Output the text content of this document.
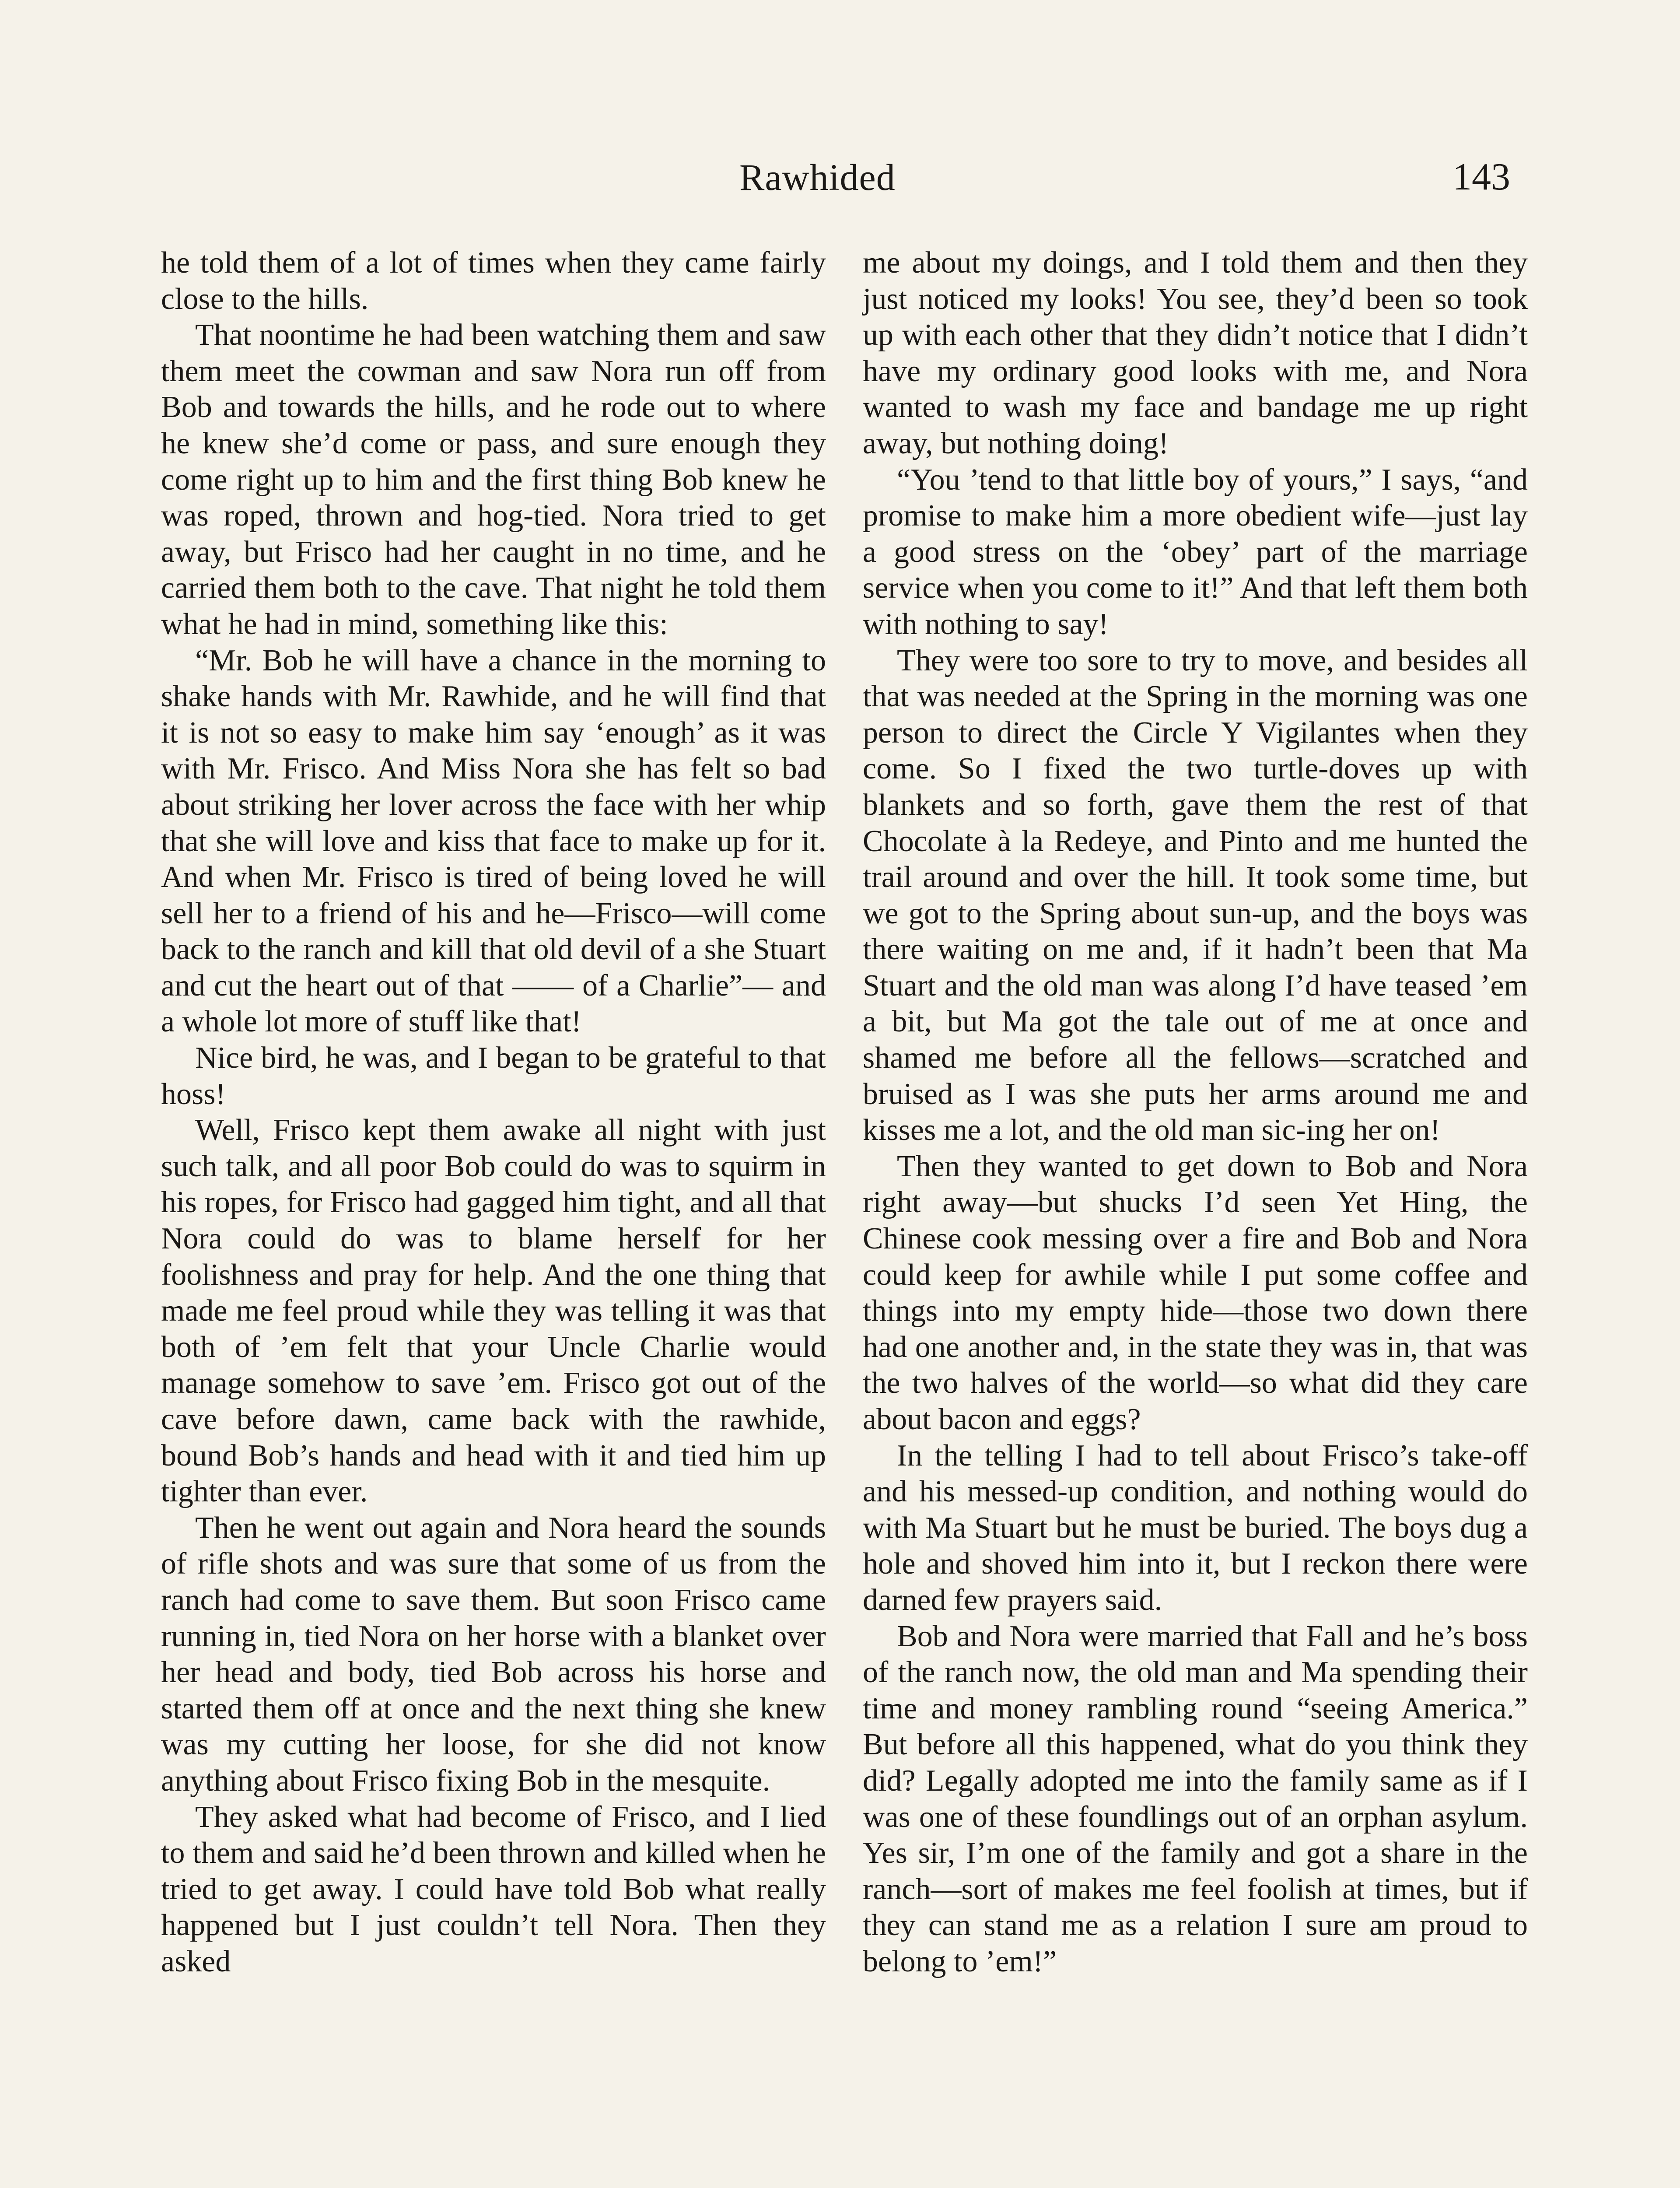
Rawhided	143

he told them of a lot of times when they came fairly close to the hills.

That noontime he had been watching them and saw them meet the cowman and saw Nora run off from Bob and towards the hills, and he rode out to where he knew she’d come or pass, and sure enough they come right up to him and the first thing Bob knew he was roped, thrown and hog-tied. Nora tried to get away, but Frisco had her caught in no time, and he carried them both to the cave. That night he told them what he had in mind, something like this:

“Mr. Bob he will have a chance in the morning to shake hands with Mr. Rawhide, and he will find that it is not so easy to make him say ‘enough’ as it was with Mr. Frisco. And Miss Nora she has felt so bad about striking her lover across the face with her whip that she will love and kiss that face to make up for it. And when Mr. Frisco is tired of being loved he will sell her to a friend of his and he—Frisco—will come back to the ranch and kill that old devil of a she Stuart and cut the heart out of that —— of a Charlie”— and a whole lot more of stuff like that!

Nice bird, he was, and I began to be grateful to that hoss!

Well, Frisco kept them awake all night with just such talk, and all poor Bob could do was to squirm in his ropes, for Frisco had gagged him tight, and all that Nora could do was to blame herself for her foolishness and pray for help. And the one thing that made me feel proud while they was telling it was that both of ’em felt that your Uncle Charlie would manage somehow to save ’em. Frisco got out of the cave before dawn, came back with the rawhide, bound Bob’s hands and head with it and tied him up tighter than ever.

Then he went out again and Nora heard the sounds of rifle shots and was sure that some of us from the ranch had come to save them. But soon Frisco came running in, tied Nora on her horse with a blanket over her head and body, tied Bob across his horse and started them off at once and the next thing she knew was my cutting her loose, for she did not know anything about Frisco fixing Bob in the mesquite.

They asked what had become of Frisco, and I lied to them and said he’d been thrown and killed when he tried to get away. I could have told Bob what really happened but I just couldn’t tell Nora. Then they asked

me about my doings, and I told them and then they just noticed my looks! You see, they’d been so took up with each other that they didn’t notice that I didn’t have my ordinary good looks with me, and Nora wanted to wash my face and bandage me up right away, but nothing doing!

“You ’tend to that little boy of yours,” I says, “and promise to make him a more obedient wife—just lay a good stress on the ‘obey’ part of the marriage service when you come to it!” And that left them both with nothing to say!

They were too sore to try to move, and besides all that was needed at the Spring in the morning was one person to direct the Circle Y Vigilantes when they come. So I fixed the two turtle-doves up with blankets and so forth, gave them the rest of that Chocolate à la Redeye, and Pinto and me hunted the trail around and over the hill. It took some time, but we got to the Spring about sun-up, and the boys was there waiting on me and, if it hadn’t been that Ma Stuart and the old man was along I’d have teased ’em a bit, but Ma got the tale out of me at once and shamed me before all the fellows—scratched and bruised as I was she puts her arms around me and kisses me a lot, and the old man sic-ing her on!

Then they wanted to get down to Bob and Nora right away—but shucks I’d seen Yet Hing, the Chinese cook messing over a fire and Bob and Nora could keep for awhile while I put some coffee and things into my empty hide—those two down there had one another and, in the state they was in, that was the two halves of the world—so what did they care about bacon and eggs?

In the telling I had to tell about Frisco’s take-off and his messed-up condition, and nothing would do with Ma Stuart but he must be buried. The boys dug a hole and shoved him into it, but I reckon there were darned few prayers said.

Bob and Nora were married that Fall and he’s boss of the ranch now, the old man and Ma spending their time and money rambling round “seeing America.” But before all this happened, what do you think they did? Legally adopted me into the family same as if I was one of these foundlings out of an orphan asylum. Yes sir, I’m one of the family and got a share in the ranch—sort of makes me feel foolish at times, but if they can stand me as a relation I sure am proud to belong to ’em!”
